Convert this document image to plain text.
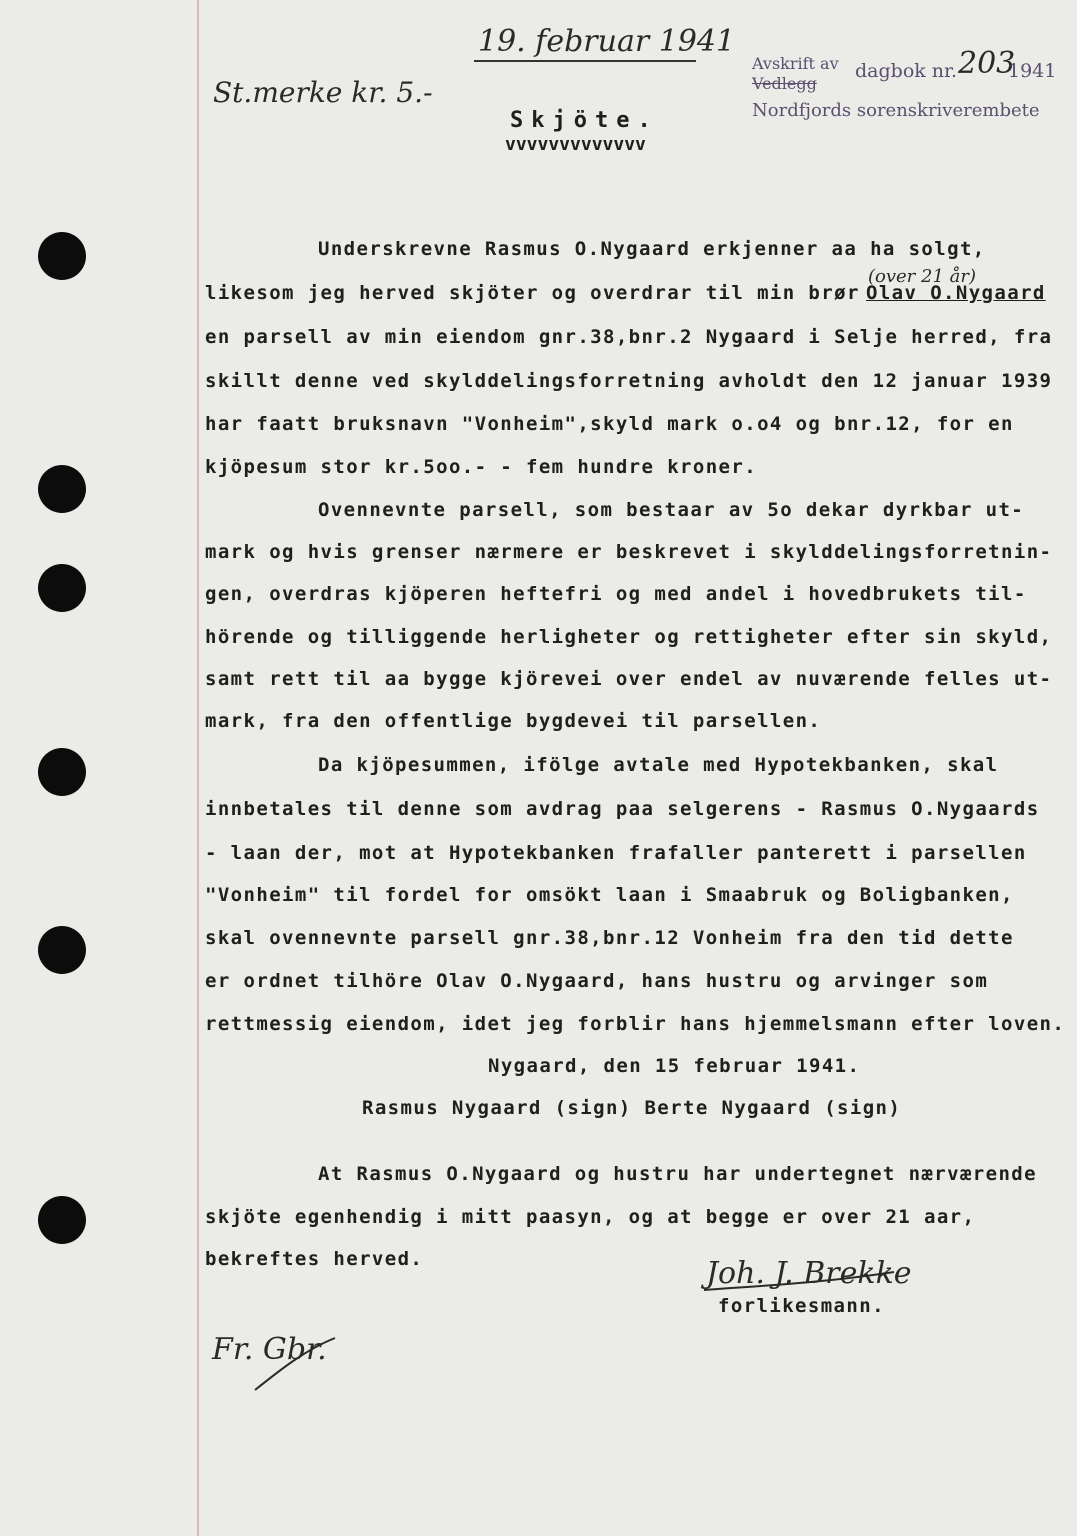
19. februar 1941
St.merke kr. 5.-
Avskrift av
Vedlegg
dagbok nr. 203
1941
Nordfjords sorenskriverembete
Skjöte.
vvvvvvvvvvvvv
(over 21 år)
Underskrevne Rasmus O.Nygaard erkjenner aa ha solgt,
likesom jeg herved skjöter og overdrar til min brør Olav O.Nygaard
en parsell av min eiendom gnr.38,bnr.2 Nygaard i Selje herred, fra
skillt denne ved skylddelingsforretning avholdt den 12 januar 1939
har faatt bruksnavn "Vonheim",skyld mark o.o4 og bnr.12, for en
kjöpesum stor kr.5oo.- - fem hundre kroner.
Ovennevnte parsell, som bestaar av 5o dekar dyrkbar ut-
mark og hvis grenser nærmere er beskrevet i skylddelingsforretnin-
gen, overdras kjöperen heftefri og med andel i hovedbrukets til-
hörende og tilliggende herligheter og rettigheter efter sin skyld,
samt rett til aa bygge kjörevei over endel av nuværende felles ut-
mark, fra den offentlige bygdevei til parsellen.
Da kjöpesummen, ifölge avtale med Hypotekbanken, skal
innbetales til denne som avdrag paa selgerens - Rasmus O.Nygaards
- laan der, mot at Hypotekbanken frafaller panterett i parsellen
"Vonheim" til fordel for omsökt laan i Smaabruk og Boligbanken,
skal ovennevnte parsell gnr.38,bnr.12 Vonheim fra den tid dette
er ordnet tilhöre Olav O.Nygaard, hans hustru og arvinger som
rettmessig eiendom, idet jeg forblir hans hjemmelsmann efter loven.
Nygaard, den 15 februar 1941.
Rasmus Nygaard (sign) Berte Nygaard (sign)
At Rasmus O.Nygaard og hustru har undertegnet nærværende
skjöte egenhendig i mitt paasyn, og at begge er over 21 aar,
bekreftes herved.	Joh. J. Brekke
forlikesmann.
Fr. Gbr.
